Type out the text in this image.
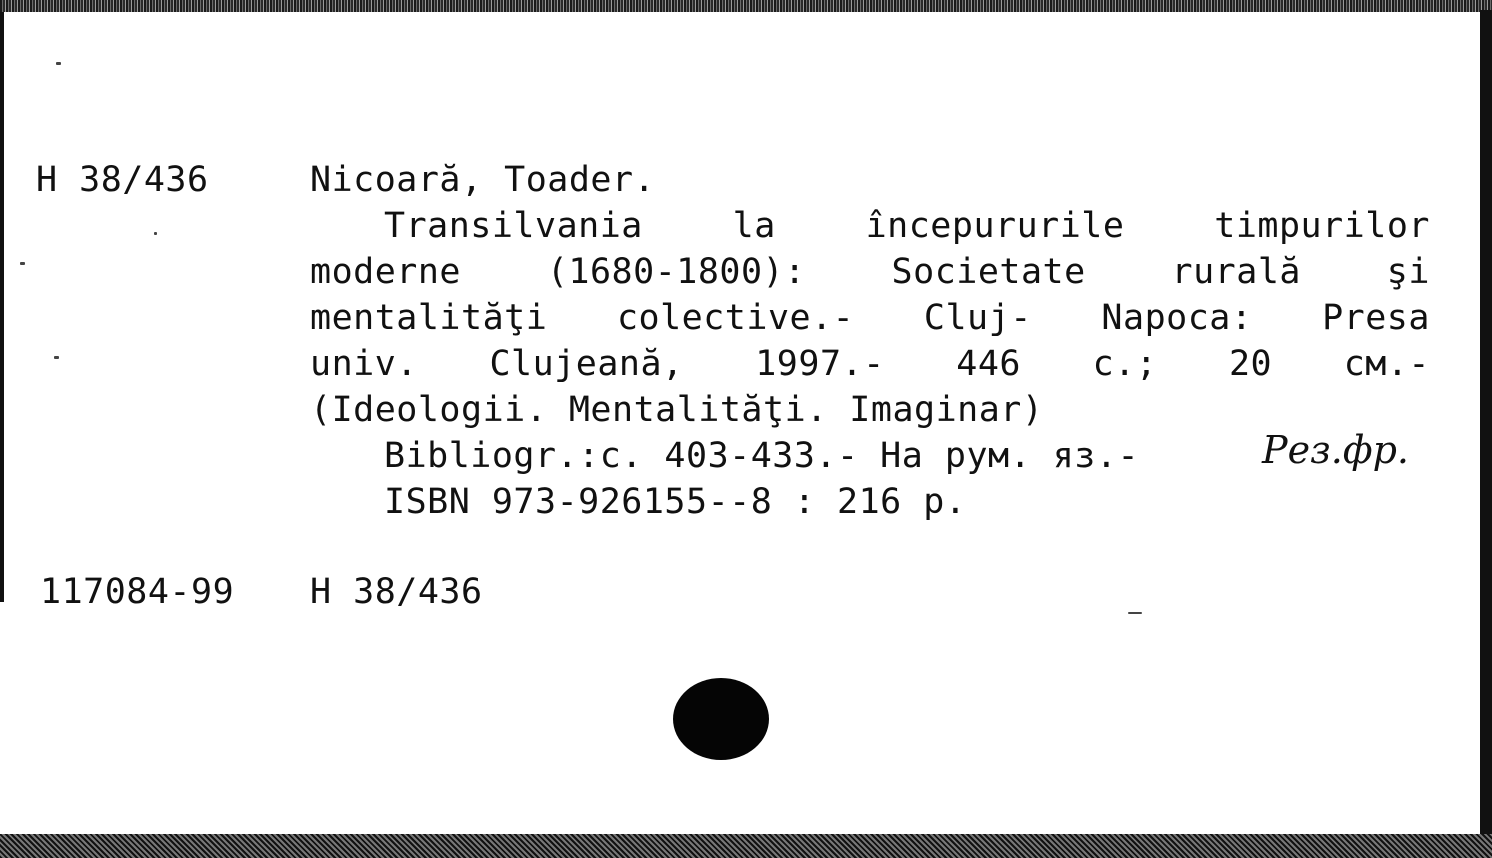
H 38/436	Nicoară, Toader.
Transilvania	la	începururile	timpurilor
moderne (1680-1800): Societate rurală şi
mentalităţi colective.- Cluj- Napoca: Presa
univ. Clujeană, 1997.- 446 c.; 20 см.-
(Ideologii. Mentalităţi. Imaginar)
Bibliogr.:c. 403-433.- На рум. яз.-	Рез.фр.
ISBN 973-926155--8 : 216 р.
117084-99 H 38/436
